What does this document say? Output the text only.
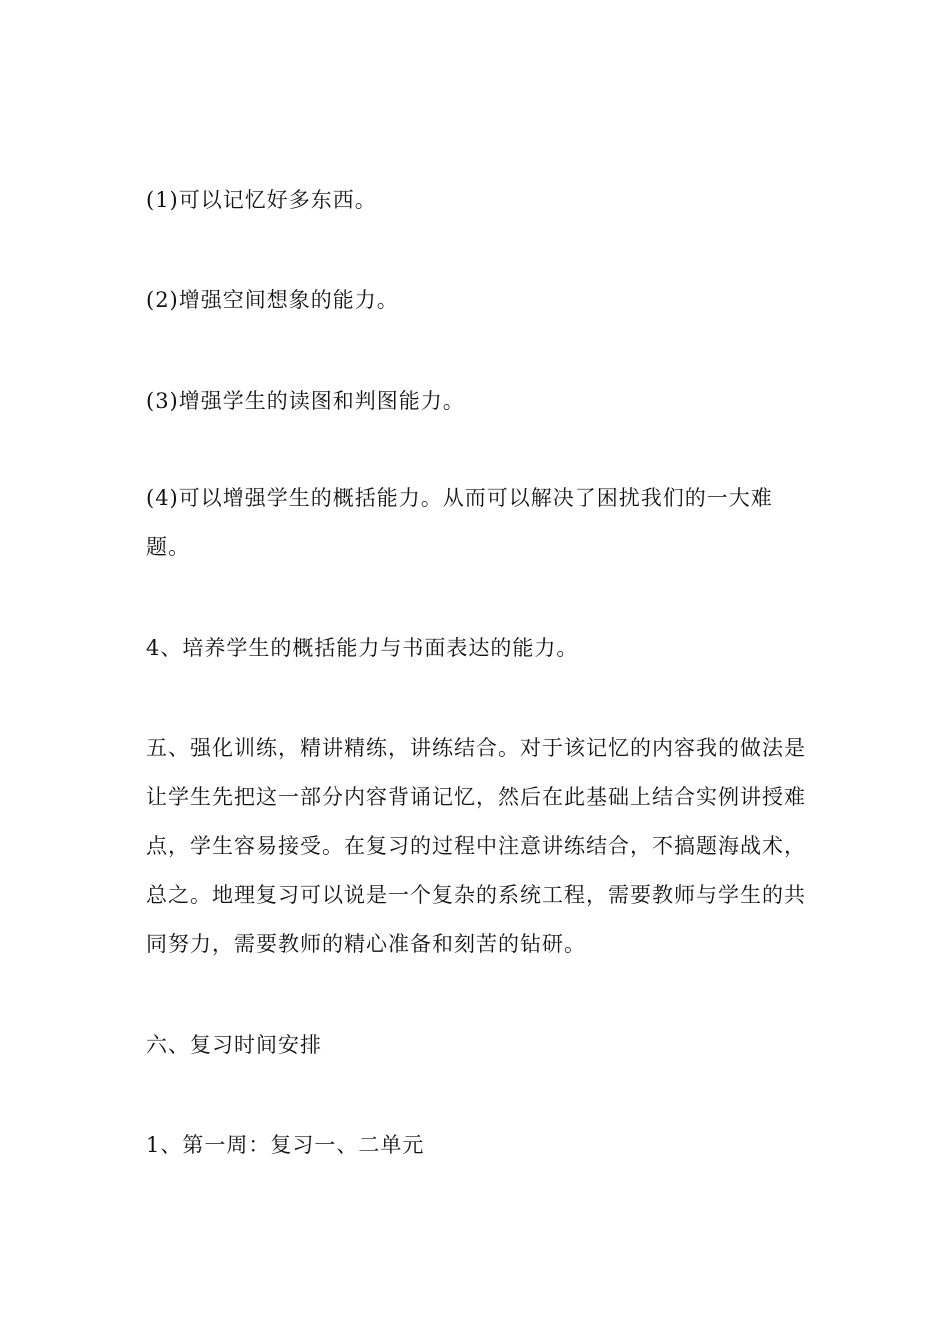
(1)可以记忆好多东西。

(2)增强空间想象的能力。

(3)增强学生的读图和判图能力。

(4)可以增强学生的概括能力。从而可以解决了困扰我们的一大难题。

4、培养学生的概括能力与书面表达的能力。

五、强化训练，精讲精练，讲练结合。对于该记忆的内容我的做法是让学生先把这一部分内容背诵记忆，然后在此基础上结合实例讲授难点，学生容易接受。在复习的过程中注意讲练结合，不搞题海战术，总之。地理复习可以说是一个复杂的系统工程，需要教师与学生的共同努力，需要教师的精心准备和刻苦的钻研。

六、复习时间安排

1、第一周：复习一、二单元
